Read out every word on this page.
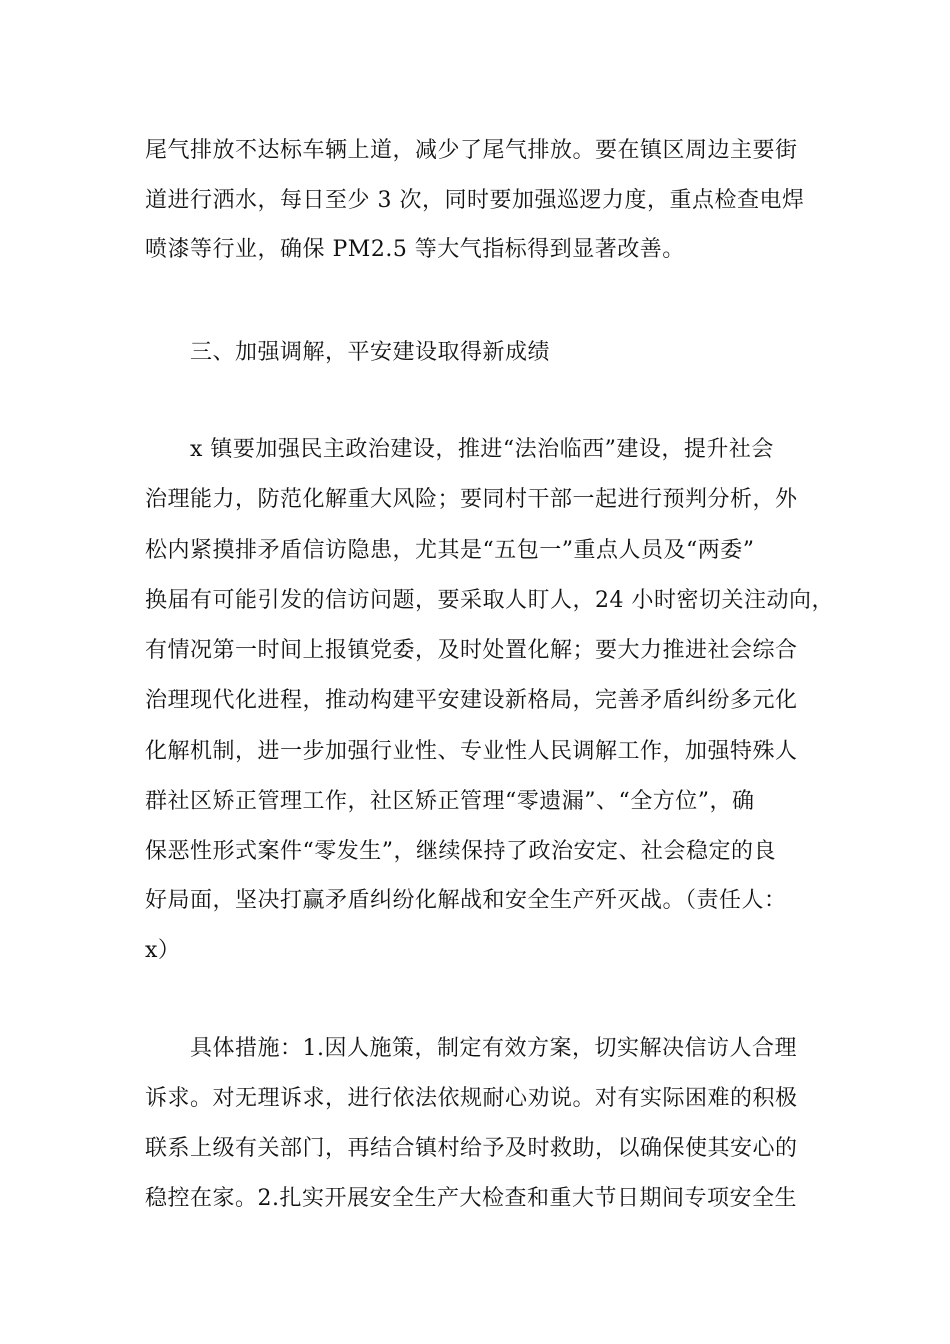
尾气排放不达标车辆上道，减少了尾气排放。要在镇区周边主要街
道进行洒水，每日至少 3 次，同时要加强巡逻力度，重点检查电焊
喷漆等行业，确保 PM2.5 等大气指标得到显著改善。
三、加强调解，平安建设取得新成绩
x 镇要加强民主政治建设，推进“法治临西”建设，提升社会
治理能力，防范化解重大风险；要同村干部一起进行预判分析，外
松内紧摸排矛盾信访隐患，尤其是“五包一”重点人员及“两委”
换届有可能引发的信访问题，要采取人盯人，24 小时密切关注动向，
有情况第一时间上报镇党委，及时处置化解；要大力推进社会综合
治理现代化进程，推动构建平安建设新格局，完善矛盾纠纷多元化
化解机制，进一步加强行业性、专业性人民调解工作，加强特殊人
群社区矫正管理工作，社区矫正管理“零遗漏”、“全方位”，确
保恶性形式案件“零发生”，继续保持了政治安定、社会稳定的良
好局面，坚决打赢矛盾纠纷化解战和安全生产歼灭战。（责任人：
x）
具体措施：1.因人施策，制定有效方案，切实解决信访人合理
诉求。对无理诉求，进行依法依规耐心劝说。对有实际困难的积极
联系上级有关部门，再结合镇村给予及时救助，以确保使其安心的
稳控在家。2.扎实开展安全生产大检查和重大节日期间专项安全生
